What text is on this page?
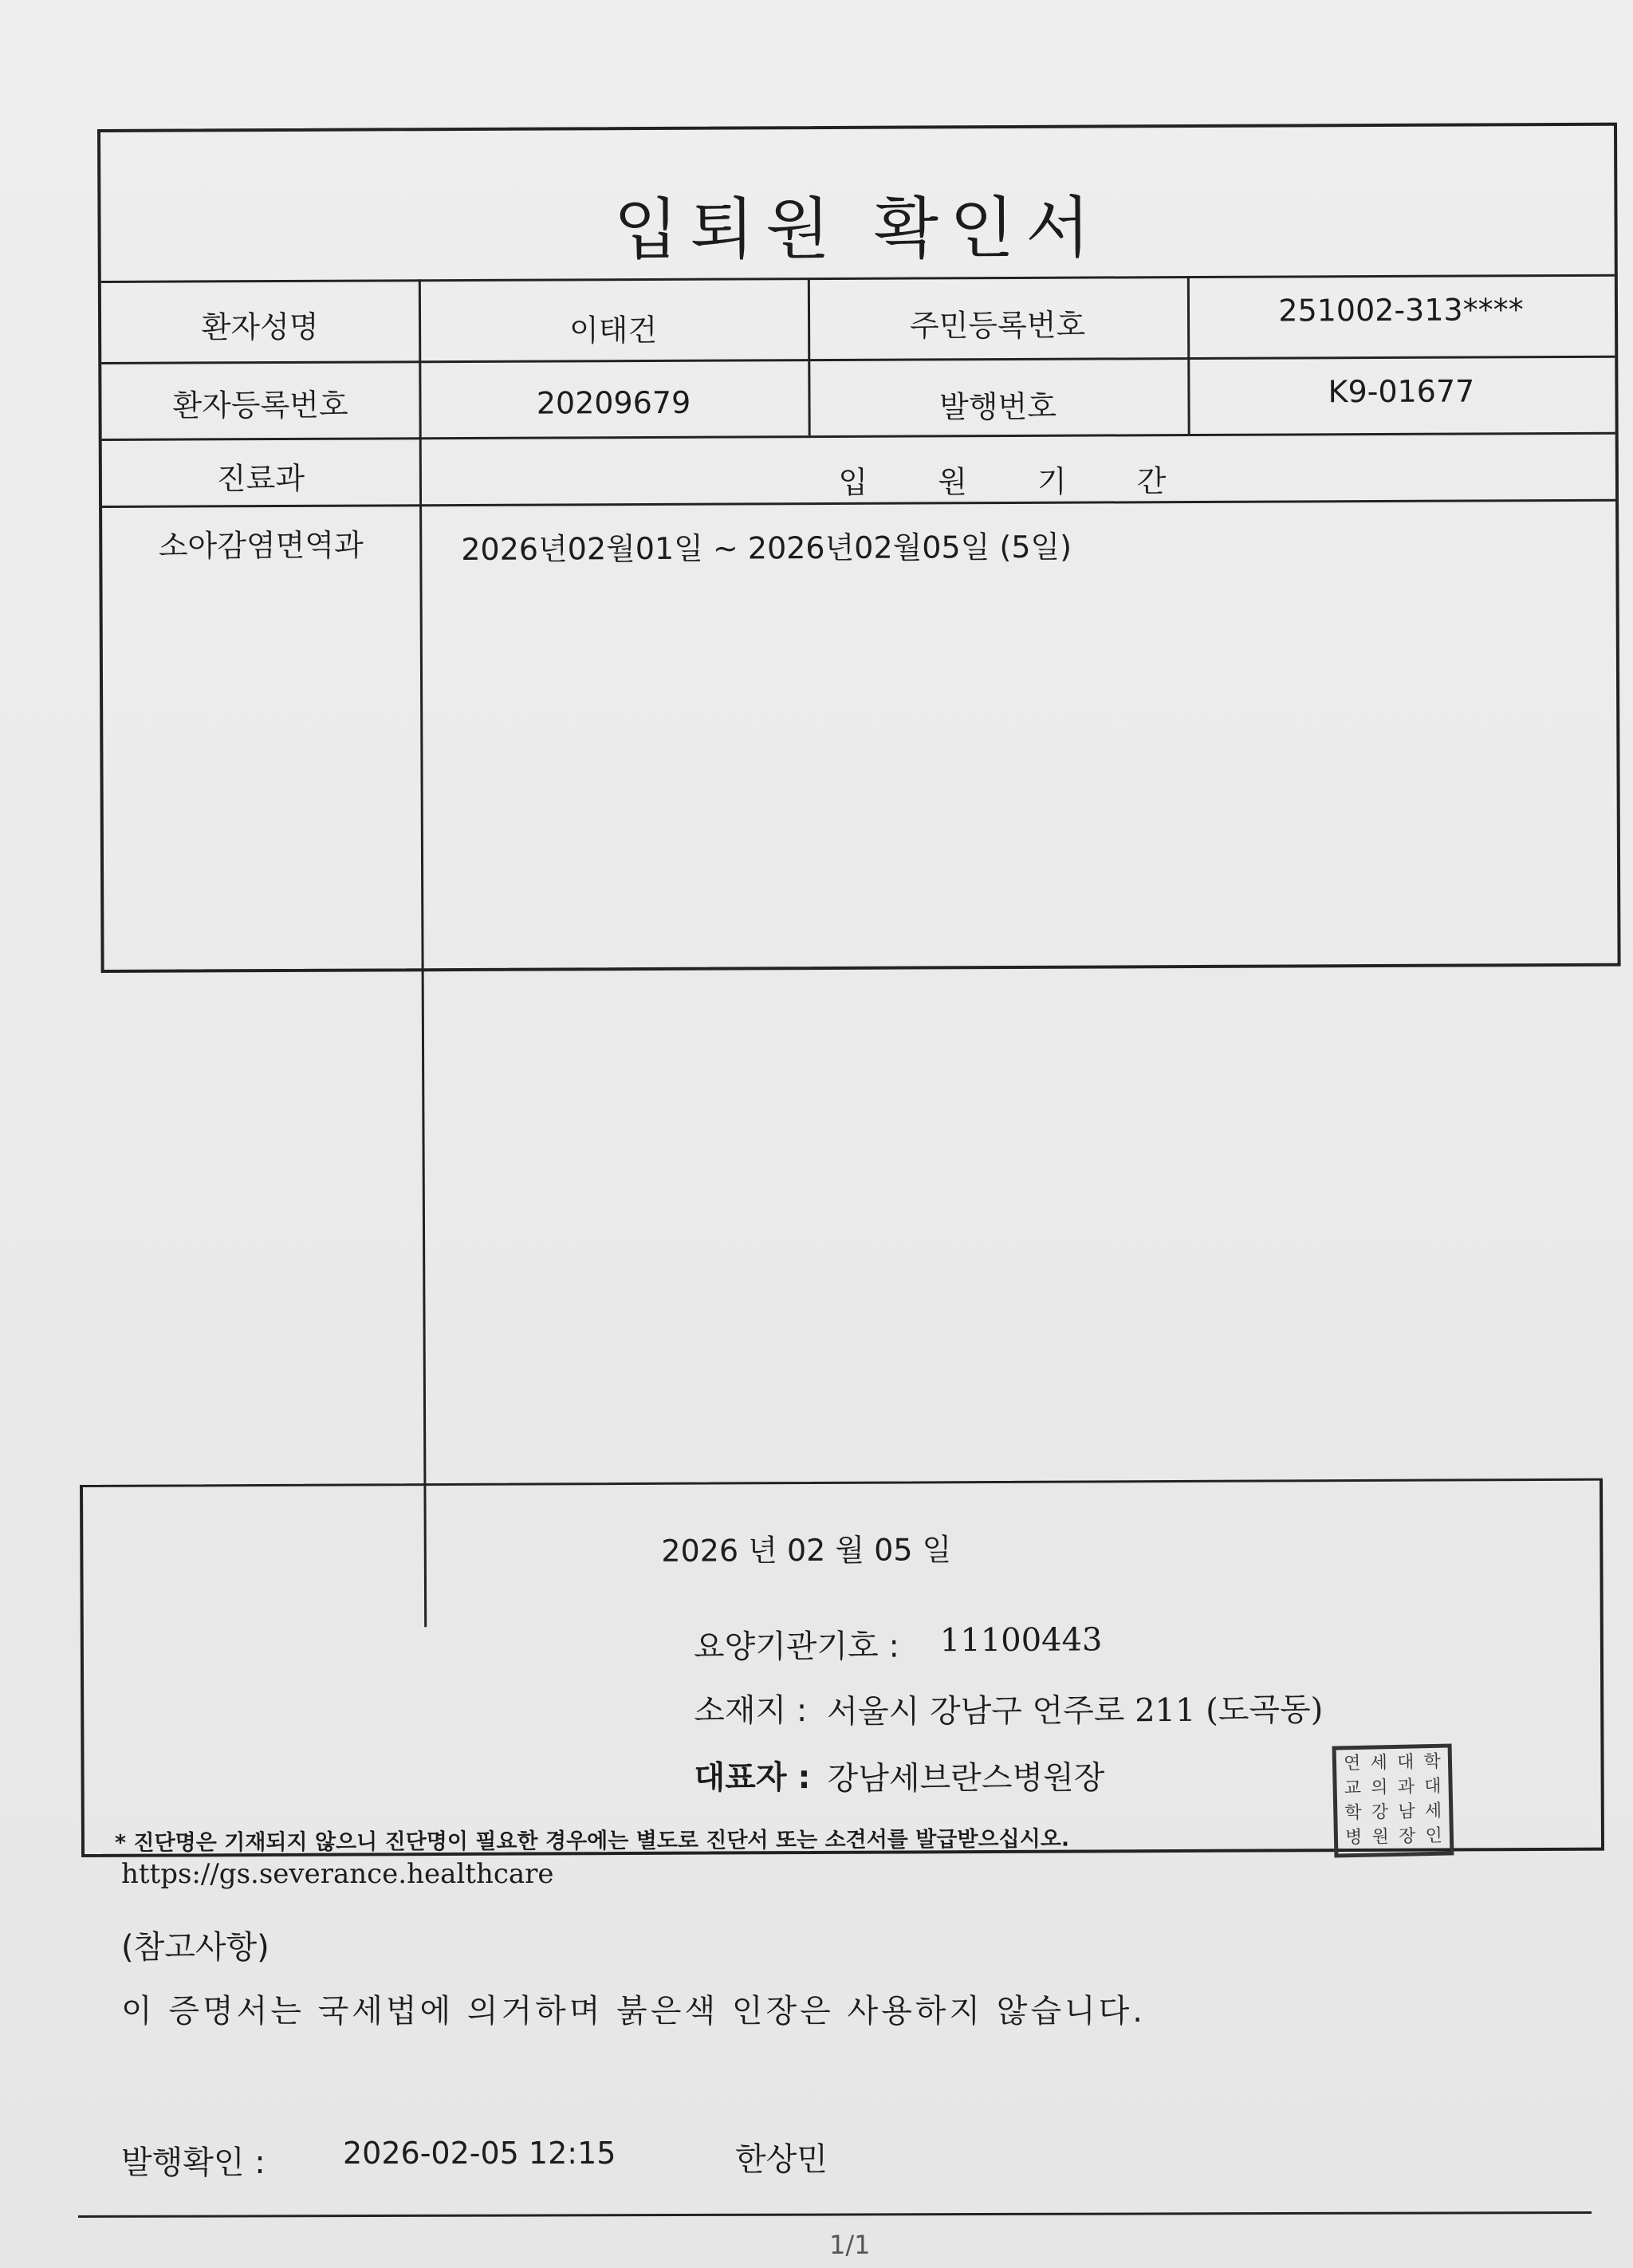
입퇴원 확인서
환자성명	이태건	주민등록번호	251002-313****
환자등록번호	20209679	발행번호	K9-01677
진료과	입 원 기 간
소아감염면역과	2026년02월01일 ~ 2026년02월05일 (5일)
2026 년 02 월 05 일
요양기관기호 : 11100443
소재지 : 서울시 강남구 언주로 211 (도곡동)
대표자 : 강남세브란스병원장
* 진단명은 기재되지 않으니 진단명이 필요한 경우에는 별도로 진단서 또는 소견서를 발급받으십시오.
연 세 대 학
교 의 과 대
학 강 남 세
병 원 장 인
https://gs.severance.healthcare
(참고사항)
이 증명서는 국세법에 의거하며 붉은색 인장은 사용하지 않습니다.
발행확인 :	2026-02-05 12:15	한상민
1/1
